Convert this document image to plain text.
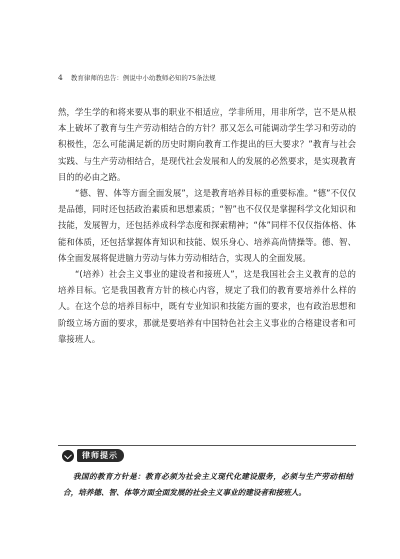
4 教育律师的忠告：例说中小幼教师必知的75条法规

然，学生学的和将来要从事的职业不相适应，学非所用，用非所学，岂不是从根本上破坏了教育与生产劳动相结合的方针？那又怎么可能调动学生学习和劳动的积极性，怎么可能满足新的历史时期向教育工作提出的巨大要求？”教育与社会实践、与生产劳动相结合，是现代社会发展和人的发展的必然要求，是实现教育目的的必由之路。

“德、智、体等方面全面发展”，这是教育培养目标的重要标准。“德”不仅仅是品德，同时还包括政治素质和思想素质；“智”也不仅仅是掌握科学文化知识和技能，发展智力，还包括养成科学态度和探索精神；“体”同样不仅仅指体格、体能和体质，还包括掌握体育知识和技能、娱乐身心、培养高尚情操等。德、智、体全面发展将促进脑力劳动与体力劳动相结合，实现人的全面发展。

“(培养）社会主义事业的建设者和接班人”，这是我国社会主义教育的总的培养目标。它是我国教育方针的核心内容，规定了我们的教育要培养什么样的人。在这个总的培养目标中，既有专业知识和技能方面的要求，也有政治思想和阶级立场方面的要求，那就是要培养有中国特色社会主义事业的合格建设者和可靠接班人。

律师提示

我国的教育方针是：教育必须为社会主义现代化建设服务，必须与生产劳动相结合，培养德、智、体等方面全面发展的社会主义事业的建设者和接班人。
